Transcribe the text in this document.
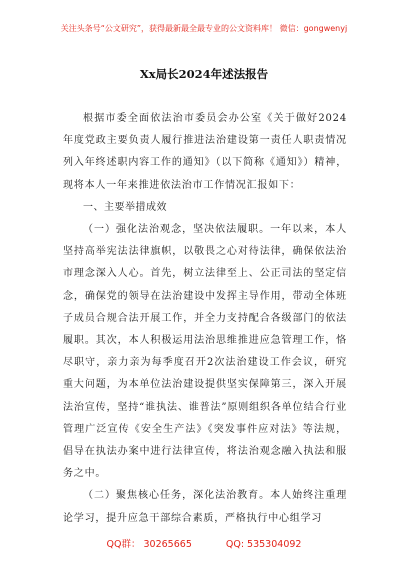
关注头条号“公文研究”，获得最新最全最专业的公文资料库！ 微信：gongwenyj
Xx局长2024年述法报告

根据市委全面依法治市委员会办公室《关于做好2024年度党政主要负责人履行推进法治建设第一责任人职责情况列入年终述职内容工作的通知》（以下简称《通知》）精神，现将本人一年来推进依法治市工作情况汇报如下：

一、主要举措成效

（一）强化法治观念，坚决依法履职。一年以来，本人坚持高举宪法法律旗帜，以敬畏之心对待法律，确保依法治市理念深入人心。首先，树立法律至上、公正司法的坚定信念，确保党的领导在法治建设中发挥主导作用，带动全体班子成员合规合法开展工作，并全力支持配合各级部门的依法履职。其次，本人积极运用法治思维推进应急管理工作，恪尽职守，亲力亲为每季度召开2次法治建设工作会议，研究重大问题，为本单位法治建设提供坚实保障第三，深入开展法治宣传，坚持“谁执法、谁普法”原则组织各单位结合行业管理广泛宣传《安全生产法》《突发事件应对法》等法规，倡导在执法办案中进行法律宣传，将法治观念融入执法和服务之中。

（二）聚焦核心任务，深化法治教育。本人始终注重理论学习，提升应急干部综合素质，严格执行中心组学习

QQ群： 30265665	QQ: 535304092
